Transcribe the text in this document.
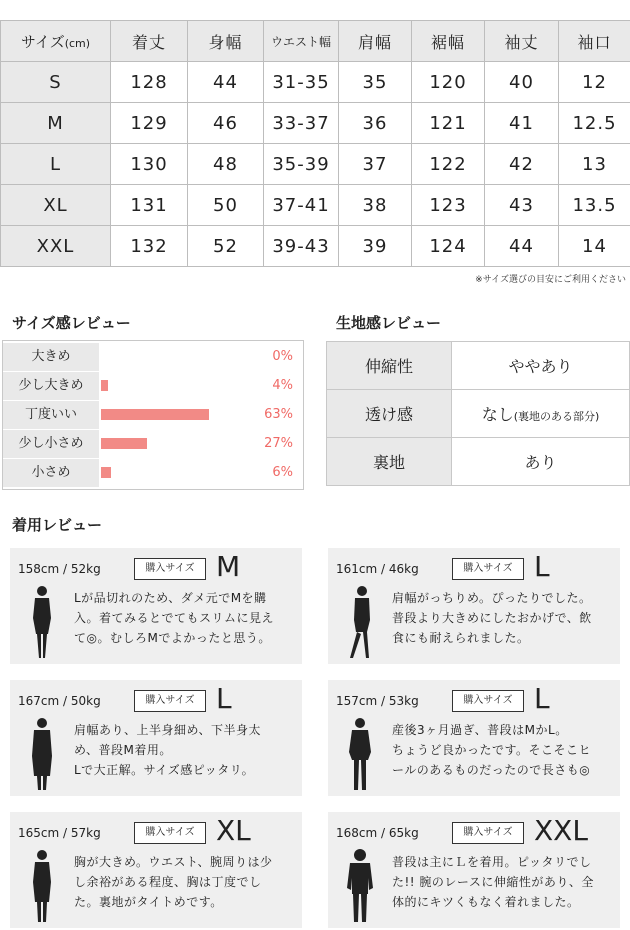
サイズ(cm)	着丈	身幅	ウエスト幅	肩幅	裾幅	袖丈	袖口
S	128	44	31-35	35	120	40	12
M	129	46	33-37	36	121	41	12.5
L	130	48	35-39	37	122	42	13
XL	131	50	37-41	38	123	43	13.5
XXL	132	52	39-43	39	124	44	14
※サイズ選びの目安にご利用ください
サイズ感レビュー
大きめ	0%
少し大きめ	4%
丁度いい	63%
少し小さめ	27%
小さめ	6%
生地感レビュー
伸縮性	ややあり
透け感	なし(裏地のある部分)
裏地	あり
着用レビュー
158cm / 52kg	購入サイズ M

Lが品切れのため、ダメ元でMを購

入。着てみるとでてもスリムに見え

て◎。むしろMでよかったと思う。

161cm / 46kg	購入サイズ L

肩幅がっちりめ。ぴったりでした。

普段より大きめにしたおかげで、飲

食にも耐えられました。

167cm / 50kg	購入サイズ L

肩幅あり、上半身細め、下半身太

め、普段M着用。

Lで大正解。サイズ感ピッタリ。

157cm / 53kg	購入サイズ L

産後3ヶ月過ぎ、普段はMかL。

ちょうど良かったです。そこそこヒ

ールのあるものだったので長さも◎

165cm / 57kg	購入サイズ XL

胸が大きめ。ウエスト、腕周りは少

し余裕がある程度、胸は丁度でし

た。裏地がタイトめです。

168cm / 65kg	購入サイズ XXL

普段は主にＬを着用。ピッタリでし

た!! 腕のレースに伸縮性があり、全

体的にキツくもなく着れました。
